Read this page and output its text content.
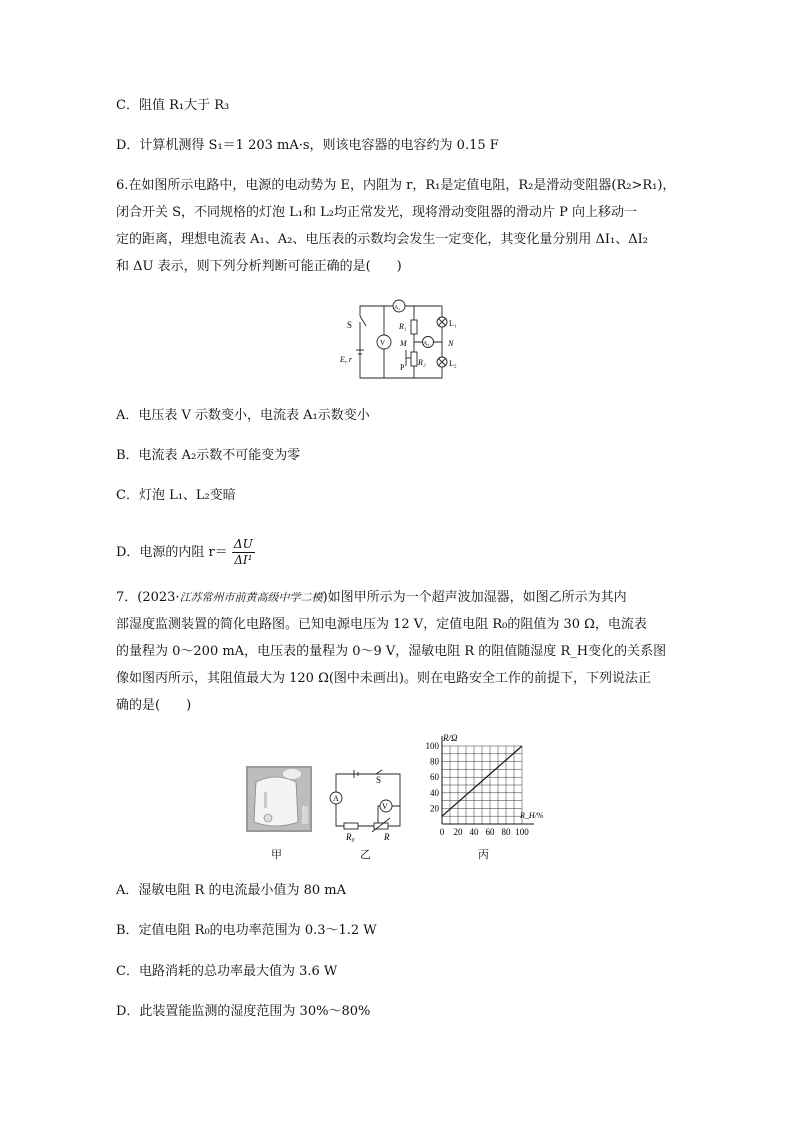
C．阻值 R₁大于 R₃
D．计算机测得 S₁＝1 203 mA·s，则该电容器的电容约为 0.15 F
6.在如图所示电路中，电源的电动势为 E，内阻为 r，R₁是定值电阻，R₂是滑动变阻器(R₂>R₁)，
闭合开关 S，不同规格的灯泡 L₁和 L₂均正常发光，现将滑动变阻器的滑动片 P 向上移动一
定的距离，理想电流表 A₁、A₂、电压表的示数均会发生一定变化，其变化量分别用 ΔI₁、ΔI₂
和 ΔU 表示，则下列分析判断可能正确的是(　　)
S
E, r
V
A₁
A₂
R₁
R₂
M	N
P
L₁
L₂
A．电压表 V 示数变小，电流表 A₁示数变小
B．电流表 A₂示数不可能变为零
C．灯泡 L₁、L₂变暗
D．电源的内阻 $r= \frac{\Delta U}{\text{ΔI¹}}$
7．(2023·江苏常州市前黄高级中学二模)如图甲所示为一个超声波加湿器，如图乙所示为其内
部湿度监测装置的简化电路图。已知电源电压为 12 V，定值电阻 R₀的阻值为 30 Ω，电流表
的量程为 0～200 mA，电压表的量程为 0～9 V，湿敏电阻 R 的阻值随湿度 R_H变化的关系图
像如图丙所示，其阻值最大为 120 Ω(图中未画出)。则在电路安全工作的前提下，下列说法正
确的是(　　)
甲
S
A
V
R₀	R
乙
100
80
60
40
20
0 20 40 60 80 100
R/Ω
R_H/%
丙
A．湿敏电阻 R 的电流最小值为 80 mA
B．定值电阻 R₀的电功率范围为 0.3～1.2 W
C．电路消耗的总功率最大值为 3.6 W
D．此装置能监测的湿度范围为 30%～80%
